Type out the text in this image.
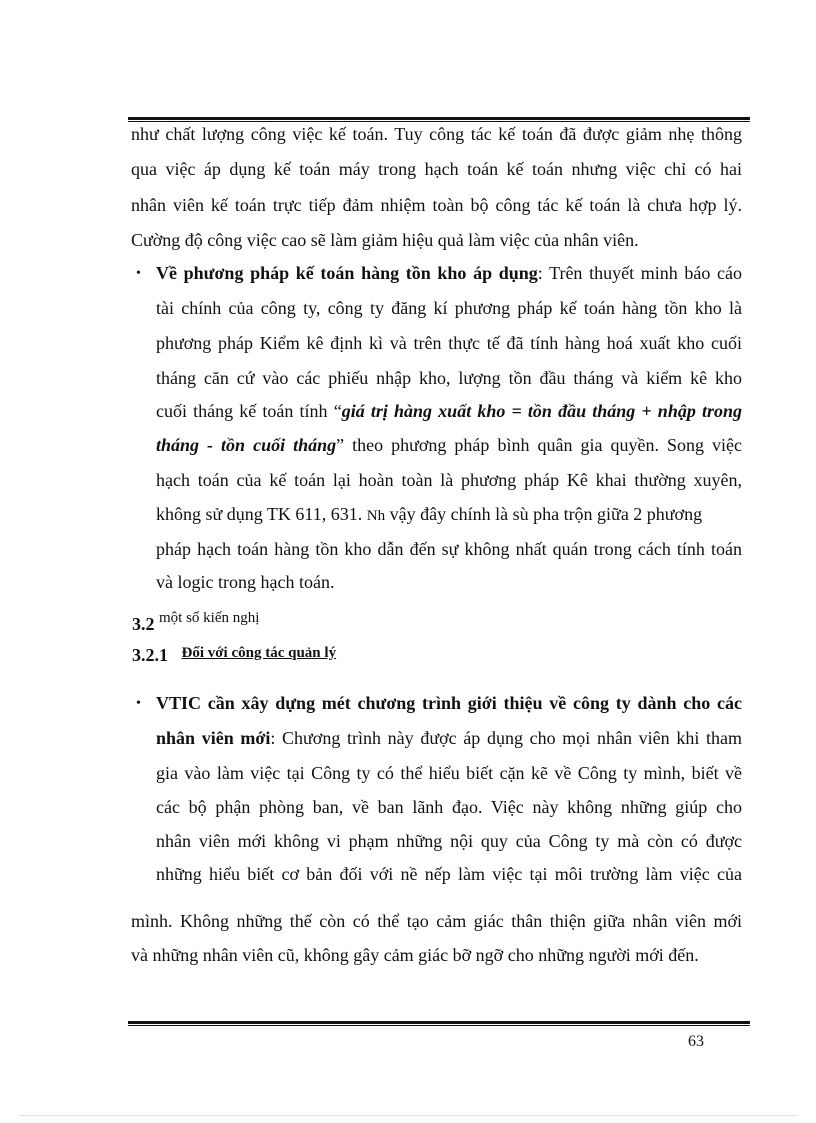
như chất lượng công việc kế toán. Tuy công tác kế toán đã được giảm nhẹ thông
qua việc áp dụng kế toán máy trong hạch toán kế toán nhưng việc chỉ có hai
nhân viên kế toán trực tiếp đảm nhiệm toàn bộ công tác kế toán là chưa hợp lý.
Cường độ công việc cao sẽ làm giảm hiệu quả làm việc của nhân viên.
• Về phương pháp kế toán hàng tồn kho áp dụng: Trên thuyết minh báo cáo
tài chính của công ty, công ty đăng kí phương pháp kế toán hàng tồn kho là
phương pháp Kiểm kê định kì và trên thực tế đã tính hàng hoá xuất kho cuối
tháng căn cứ vào các phiếu nhập kho, lượng tồn đầu tháng và kiểm kê kho
cuối tháng kế toán tính “giá trị hàng xuất kho = tồn đầu tháng + nhập trong
tháng - tồn cuối tháng” theo phương pháp bình quân gia quyền. Song việc
hạch toán của kế toán lại hoàn toàn là phương pháp Kê khai thường xuyên,
không sử dụng TK 611, 631. Nh vậy đây chính là sù pha trộn giữa 2 phương
pháp hạch toán hàng tồn kho dẫn đến sự không nhất quán trong cách tính toán
và logic trong hạch toán.
3.2 một số kiến nghị
3.2.1 Đối với công tác quản lý
• VTIC cần xây dựng mét chương trình giới thiệu về công ty dành cho các
nhân viên mới: Chương trình này được áp dụng cho mọi nhân viên khi tham
gia vào làm việc tại Công ty có thể hiểu biết cặn kẽ về Công ty mình, biết về
các bộ phận phòng ban, về ban lãnh đạo. Việc này không những giúp cho
nhân viên mới không vi phạm những nội quy của Công ty mà còn có được
những hiểu biết cơ bản đối với nề nếp làm việc tại môi trường làm việc của
mình. Không những thế còn có thể tạo cảm giác thân thiện giữa nhân viên mới
và những nhân viên cũ, không gây cảm giác bỡ ngỡ cho những người mới đến.
63
